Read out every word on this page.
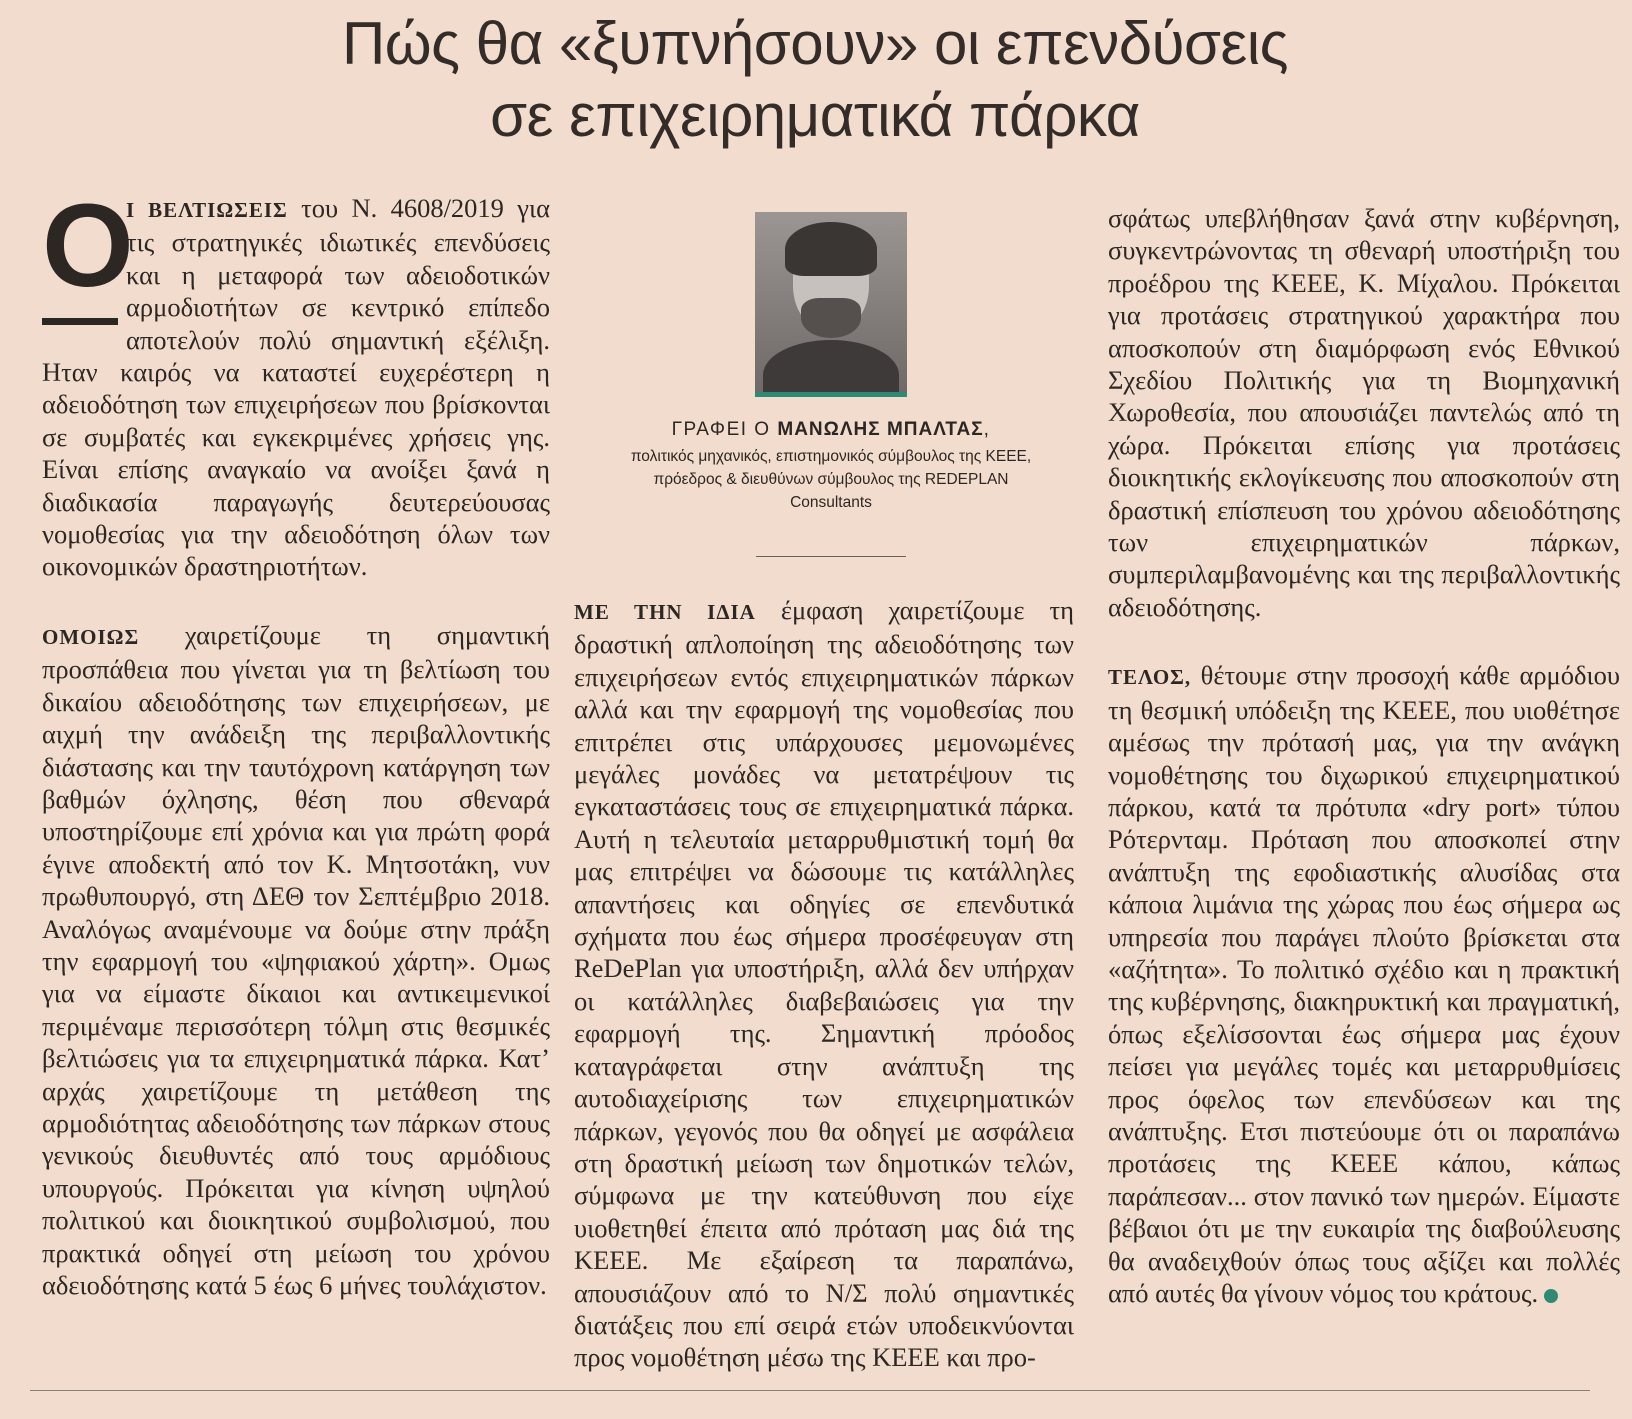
Πώς θα «ξυπνήσουν» οι επενδύσεις
σε επιχειρηματικά πάρκα

Ο
Ι ΒΕΛΤΙΩΣΕΙΣ του Ν. 4608/2019 για τις στρατηγικές ιδιωτικές επενδύσεις και η μεταφορά των αδειοδοτικών αρμοδιοτήτων σε κεντρικό επίπεδο αποτελούν πολύ σημαντική εξέλιξη. Ηταν καιρός να καταστεί ευχερέστερη η αδειοδότηση των επιχειρήσεων που βρίσκονται σε συμβατές και εγκεκριμένες χρήσεις γης. Είναι επίσης αναγκαίο να ανοίξει ξανά η διαδικασία παραγωγής δευτερεύουσας νομοθεσίας για την αδειοδότηση όλων των οικονομικών δραστηριοτήτων.

ΟΜΟΙΩΣ χαιρετίζουμε τη σημαντική προσπάθεια που γίνεται για τη βελτίωση του δικαίου αδειοδότησης των επιχειρήσεων, με αιχμή την ανάδειξη της περιβαλλοντικής διάστασης και την ταυτόχρονη κατάργηση των βαθμών όχλησης, θέση που σθεναρά υποστηρίζουμε επί χρόνια και για πρώτη φορά έγινε αποδεκτή από τον Κ. Μητσοτάκη, νυν πρωθυπουργό, στη ΔΕΘ τον Σεπτέμβριο 2018. Αναλόγως αναμένουμε να δούμε στην πράξη την εφαρμογή του «ψηφιακού χάρτη». Ομως για να είμαστε δίκαιοι και αντικειμενικοί περιμέναμε περισσότερη τόλμη στις θεσμικές βελτιώσεις για τα επιχειρηματικά πάρκα. Κατ’ αρχάς χαιρετίζουμε τη μετάθεση της αρμοδιότητας αδειοδότησης των πάρκων στους γενικούς διευθυντές από τους αρμόδιους υπουργούς. Πρόκειται για κίνηση υψηλού πολιτικού και διοικητικού συμβολισμού, που πρακτικά οδηγεί στη μείωση του χρόνου αδειοδότησης κατά 5 έως 6 μήνες τουλάχιστον.

ΓΡΑΦΕΙ Ο ΜΑΝΩΛΗΣ ΜΠΑΛΤΑΣ,
πολιτικός μηχανικός, επιστημονικός σύμβουλος της ΚΕΕΕ,
πρόεδρος & διευθύνων σύμβουλος της REDEPLAN
Consultants

ΜΕ ΤΗΝ ΙΔΙΑ έμφαση χαιρετίζουμε τη δραστική απλοποίηση της αδειοδότησης των επιχειρήσεων εντός επιχειρηματικών πάρκων αλλά και την εφαρμογή της νομοθεσίας που επιτρέπει στις υπάρχουσες μεμονωμένες μεγάλες μονάδες να μετατρέψουν τις εγκαταστάσεις τους σε επιχειρηματικά πάρκα. Αυτή η τελευταία μεταρρυθμιστική τομή θα μας επιτρέψει να δώσουμε τις κατάλληλες απαντήσεις και οδηγίες σε επενδυτικά σχήματα που έως σήμερα προσέφευγαν στη ReDePlan για υποστήριξη, αλλά δεν υπήρχαν οι κατάλληλες διαβεβαιώσεις για την εφαρμογή της. Σημαντική πρόοδος καταγράφεται στην ανάπτυξη της αυτοδιαχείρισης των επιχειρηματικών πάρκων, γεγονός που θα οδηγεί με ασφάλεια στη δραστική μείωση των δημοτικών τελών, σύμφωνα με την κατεύθυνση που είχε υιοθετηθεί έπειτα από πρόταση μας διά της ΚΕΕΕ. Με εξαίρεση τα παραπάνω, απουσιάζουν από το Ν/Σ πολύ σημαντικές διατάξεις που επί σειρά ετών υποδεικνύονται προς νομοθέτηση μέσω της ΚΕΕΕ και προ-

σφάτως υπεβλήθησαν ξανά στην κυβέρνηση, συγκεντρώνοντας τη σθεναρή υποστήριξη του προέδρου της ΚΕΕΕ, Κ. Μίχαλου. Πρόκειται για προτάσεις στρατηγικού χαρακτήρα που αποσκοπούν στη διαμόρφωση ενός Εθνικού Σχεδίου Πολιτικής για τη Βιομηχανική Χωροθεσία, που απουσιάζει παντελώς από τη χώρα. Πρόκειται επίσης για προτάσεις διοικητικής εκλογίκευσης που αποσκοπούν στη δραστική επίσπευση του χρόνου αδειοδότησης των επιχειρηματικών πάρκων, συμπεριλαμβανομένης και της περιβαλλοντικής αδειοδότησης.

ΤΕΛΟΣ, θέτουμε στην προσοχή κάθε αρμόδιου τη θεσμική υπόδειξη της ΚΕΕΕ, που υιοθέτησε αμέσως την πρότασή μας, για την ανάγκη νομοθέτησης του διχωρικού επιχειρηματικού πάρκου, κατά τα πρότυπα «dry port» τύπου Ρότερνταμ. Πρόταση που αποσκοπεί στην ανάπτυξη της εφοδιαστικής αλυσίδας στα κάποια λιμάνια της χώρας που έως σήμερα ως υπηρεσία που παράγει πλούτο βρίσκεται στα «αζήτητα». Το πολιτικό σχέδιο και η πρακτική της κυβέρνησης, διακηρυκτική και πραγματική, όπως εξελίσσονται έως σήμερα μας έχουν πείσει για μεγάλες τομές και μεταρρυθμίσεις προς όφελος των επενδύσεων και της ανάπτυξης. Ετσι πιστεύουμε ότι οι παραπάνω προτάσεις της ΚΕΕΕ κάπου, κάπως παράπεσαν... στον πανικό των ημερών. Είμαστε βέβαιοι ότι με την ευκαιρία της διαβούλευσης θα αναδειχθούν όπως τους αξίζει και πολλές από αυτές θα γίνουν νόμος του κράτους.
